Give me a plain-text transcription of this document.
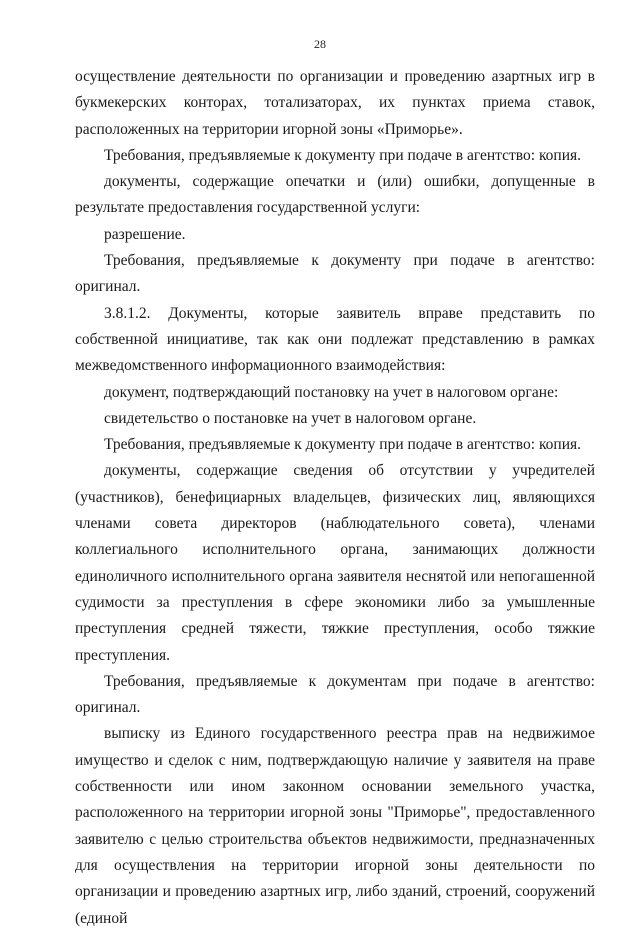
28

осуществление деятельности по организации и проведению азартных игр в букмекерских конторах, тотализаторах, их пунктах приема ставок, расположенных на территории игорной зоны «Приморье».

Требования, предъявляемые к документу при подаче в агентство: копия.

документы, содержащие опечатки и (или) ошибки, допущенные в результате предоставления государственной услуги:

разрешение.

Требования, предъявляемые к документу при подаче в агентство: оригинал.

3.8.1.2. Документы, которые заявитель вправе представить по собственной инициативе, так как они подлежат представлению в рамках межведомственного информационного взаимодействия:

документ, подтверждающий постановку на учет в налоговом органе:

свидетельство о постановке на учет в налоговом органе.

Требования, предъявляемые к документу при подаче в агентство: копия.

документы, содержащие сведения об отсутствии у учредителей (участников), бенефициарных владельцев, физических лиц, являющихся членами совета директоров (наблюдательного совета), членами коллегиального исполнительного органа, занимающих должности единоличного исполнительного органа заявителя неснятой или непогашенной судимости за преступления в сфере экономики либо за умышленные преступления средней тяжести, тяжкие преступления, особо тяжкие преступления.

Требования, предъявляемые к документам при подаче в агентство: оригинал.

выписку из Единого государственного реестра прав на недвижимое имущество и сделок с ним, подтверждающую наличие у заявителя на праве собственности или ином законном основании земельного участка, расположенного на территории игорной зоны "Приморье", предоставленного заявителю с целью строительства объектов недвижимости, предназначенных для осуществления на территории игорной зоны деятельности по организации и проведению азартных игр, либо зданий, строений, сооружений (единой
